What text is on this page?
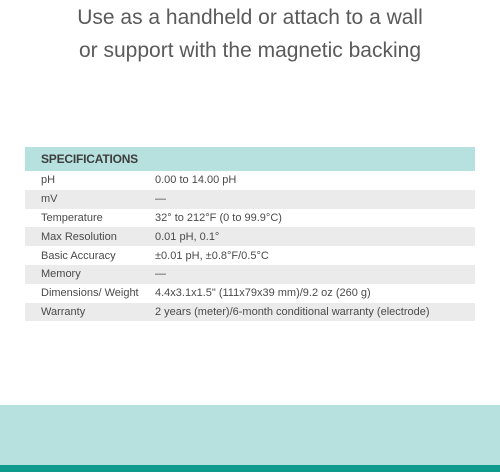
Use as a handheld or attach to a wall
or support with the magnetic backing
SPECIFICATIONS
pH	0.00 to 14.00 pH
mV	—
Temperature	32° to 212°F (0 to 99.9°C)
Max Resolution	0.01 pH, 0.1°
Basic Accuracy	±0.01 pH, ±0.8°F/0.5°C
Memory	—
Dimensions/ Weight	4.4x3.1x1.5" (111x79x39 mm)/9.2 oz (260 g)
Warranty	2 years (meter)/6-month conditional warranty (electrode)
